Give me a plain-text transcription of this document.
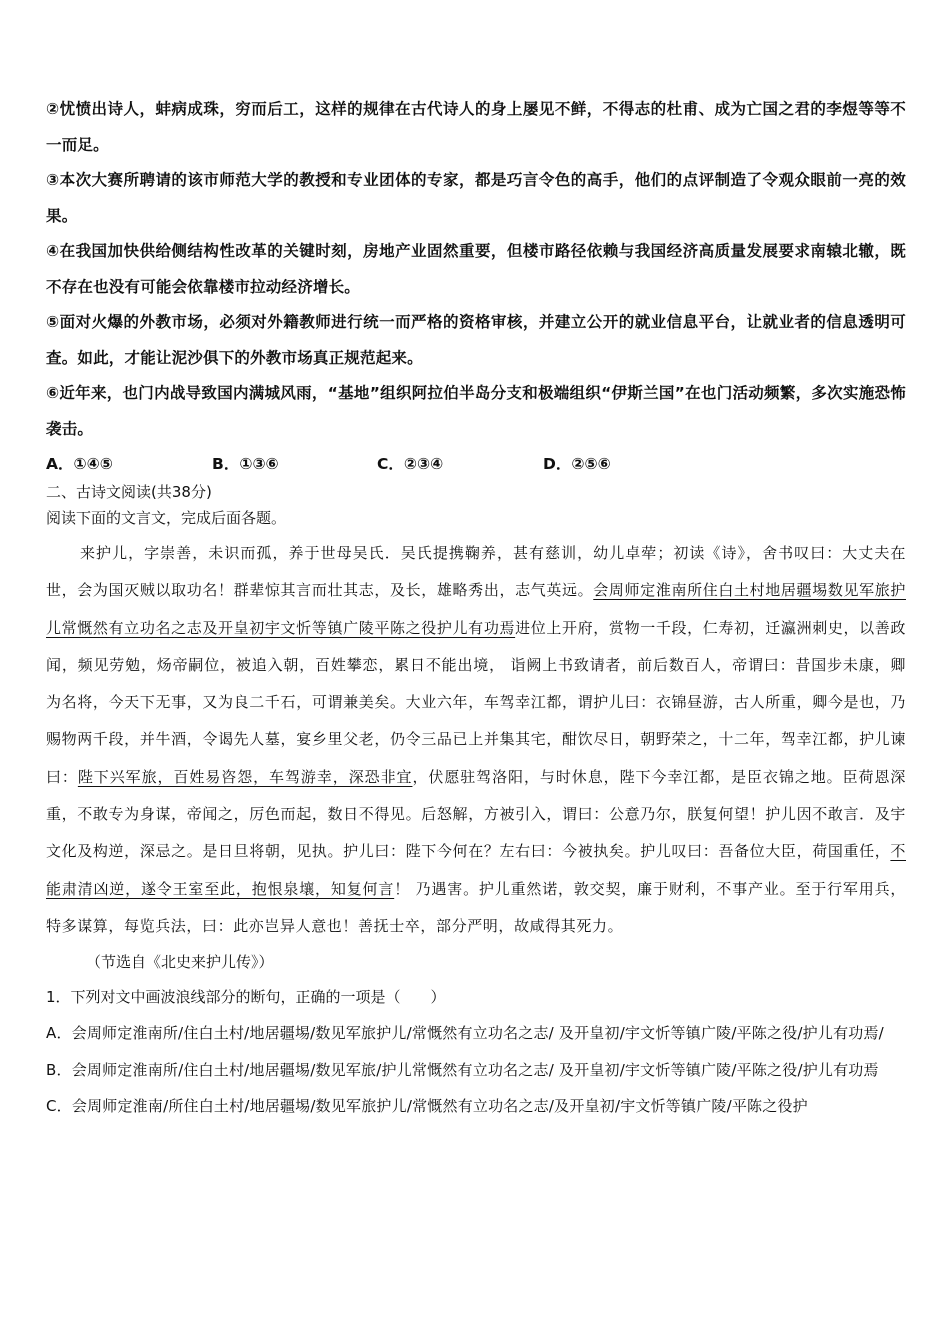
②忧愤出诗人，蚌病成珠，穷而后工，这样的规律在古代诗人的身上屡见不鲜，不得志的杜甫、成为亡国之君的李煜等等不一而足。

③本次大赛所聘请的该市师范大学的教授和专业团体的专家，都是巧言令色的高手，他们的点评制造了令观众眼前一亮的效果。

④在我国加快供给侧结构性改革的关键时刻，房地产业固然重要，但楼市路径依赖与我国经济高质量发展要求南辕北辙，既不存在也没有可能会依靠楼市拉动经济增长。

⑤面对火爆的外教市场，必须对外籍教师进行统一而严格的资格审核，并建立公开的就业信息平台，让就业者的信息透明可查。如此，才能让泥沙俱下的外教市场真正规范起来。

⑥近年来，也门内战导致国内满城风雨，“基地”组织阿拉伯半岛分支和极端组织“伊斯兰国”在也门活动频繁，多次实施恐怖袭击。

A．①④⑤	B．①③⑥	C．②③④	D．②⑤⑥

二、古诗文阅读(共38分)

阅读下面的文言文，完成后面各题。

来护儿，字崇善，未识而孤，养于世母吴氏．吴氏提携鞠养，甚有慈训，幼儿卓荦；初读《诗》，舍书叹曰：大丈夫在世，会为国灭贼以取功名！群辈惊其言而壮其志，及长，雄略秀出，志气英远。会周师定淮南所住白土村地居疆埸数见军旅护儿常慨然有立功名之志及开皇初宇文忻等镇广陵平陈之役护儿有功焉进位上开府，赏物一千段，仁寿初，迁瀛洲刺史，以善政闻，频见劳勉，炀帝嗣位，被追入朝，百姓攀恋，累日不能出境， 诣阙上书致请者，前后数百人，帝谓曰：昔国步未康，卿为名将，今天下无事，又为良二千石，可谓兼美矣。大业六年，车驾幸江都，谓护儿曰：衣锦昼游，古人所重，卿今是也，乃赐物两千段，并牛酒，令谒先人墓，宴乡里父老，仍令三品已上并集其宅，酣饮尽日，朝野荣之，十二年，驾幸江都，护儿谏曰：陛下兴军旅，百姓易咨怨，车驾游幸，深恐非宜，伏愿驻驾洛阳，与时休息，陛下今幸江都，是臣衣锦之地。臣荷恩深重，不敢专为身谋，帝闻之，厉色而起，数日不得见。后怒解，方被引入，谓曰：公意乃尔，朕复何望！护儿因不敢言．及宇文化及构逆，深忌之。是日旦将朝，见执。护儿曰：陛下今何在？左右曰：今被执矣。护儿叹曰：吾备位大臣，荷国重任，不能肃清凶逆，遂令王室至此，抱恨泉壤，知复何言！ 乃遇害。护儿重然诺，敦交契，廉于财利，不事产业。至于行军用兵，特多谋算，每览兵法，曰：此亦岂异人意也！善抚士卒，部分严明，故咸得其死力。

（节选自《北史来护儿传》）

1．下列对文中画波浪线部分的断句，正确的一项是（　　）

A．会周师定淮南所/住白土村/地居疆埸/数见军旅护儿/常慨然有立功名之志/ 及开皇初/宇文忻等镇广陵/平陈之役/护儿有功焉/

B．会周师定淮南所/住白土村/地居疆埸/数见军旅/护儿常慨然有立功名之志/ 及开皇初/宇文忻等镇广陵/平陈之役/护儿有功焉

C．会周师定淮南/所住白土村/地居疆埸/数见军旅护儿/常慨然有立功名之志/及开皇初/宇文忻等镇广陵/平陈之役护
